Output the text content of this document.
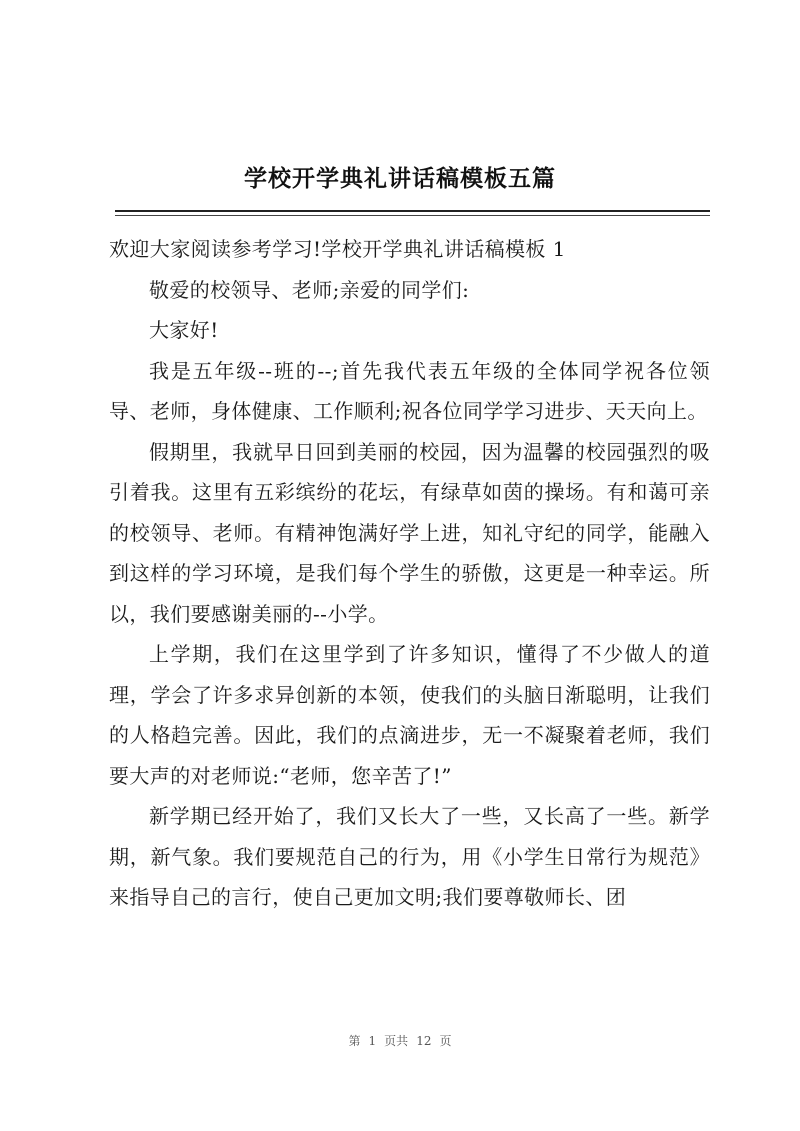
学校开学典礼讲话稿模板五篇

欢迎大家阅读参考学习!学校开学典礼讲话稿模板 1

敬爱的校领导、老师;亲爱的同学们:

大家好!

我是五年级--班的--;首先我代表五年级的全体同学祝各位领导、老师，身体健康、工作顺利;祝各位同学学习进步、天天向上。

假期里，我就早日回到美丽的校园，因为温馨的校园强烈的吸引着我。这里有五彩缤纷的花坛，有绿草如茵的操场。有和蔼可亲的校领导、老师。有精神饱满好学上进，知礼守纪的同学，能融入到这样的学习环境，是我们每个学生的骄傲，这更是一种幸运。所以，我们要感谢美丽的--小学。

上学期，我们在这里学到了许多知识，懂得了不少做人的道理，学会了许多求异创新的本领，使我们的头脑日渐聪明，让我们的人格趋完善。因此，我们的点滴进步，无一不凝聚着老师，我们要大声的对老师说:“老师，您辛苦了!”

新学期已经开始了，我们又长大了一些，又长高了一些。新学期，新气象。我们要规范自己的行为，用《小学生日常行为规范》来指导自己的言行，使自己更加文明;我们要尊敬师长、团

第 1 页共 12 页
